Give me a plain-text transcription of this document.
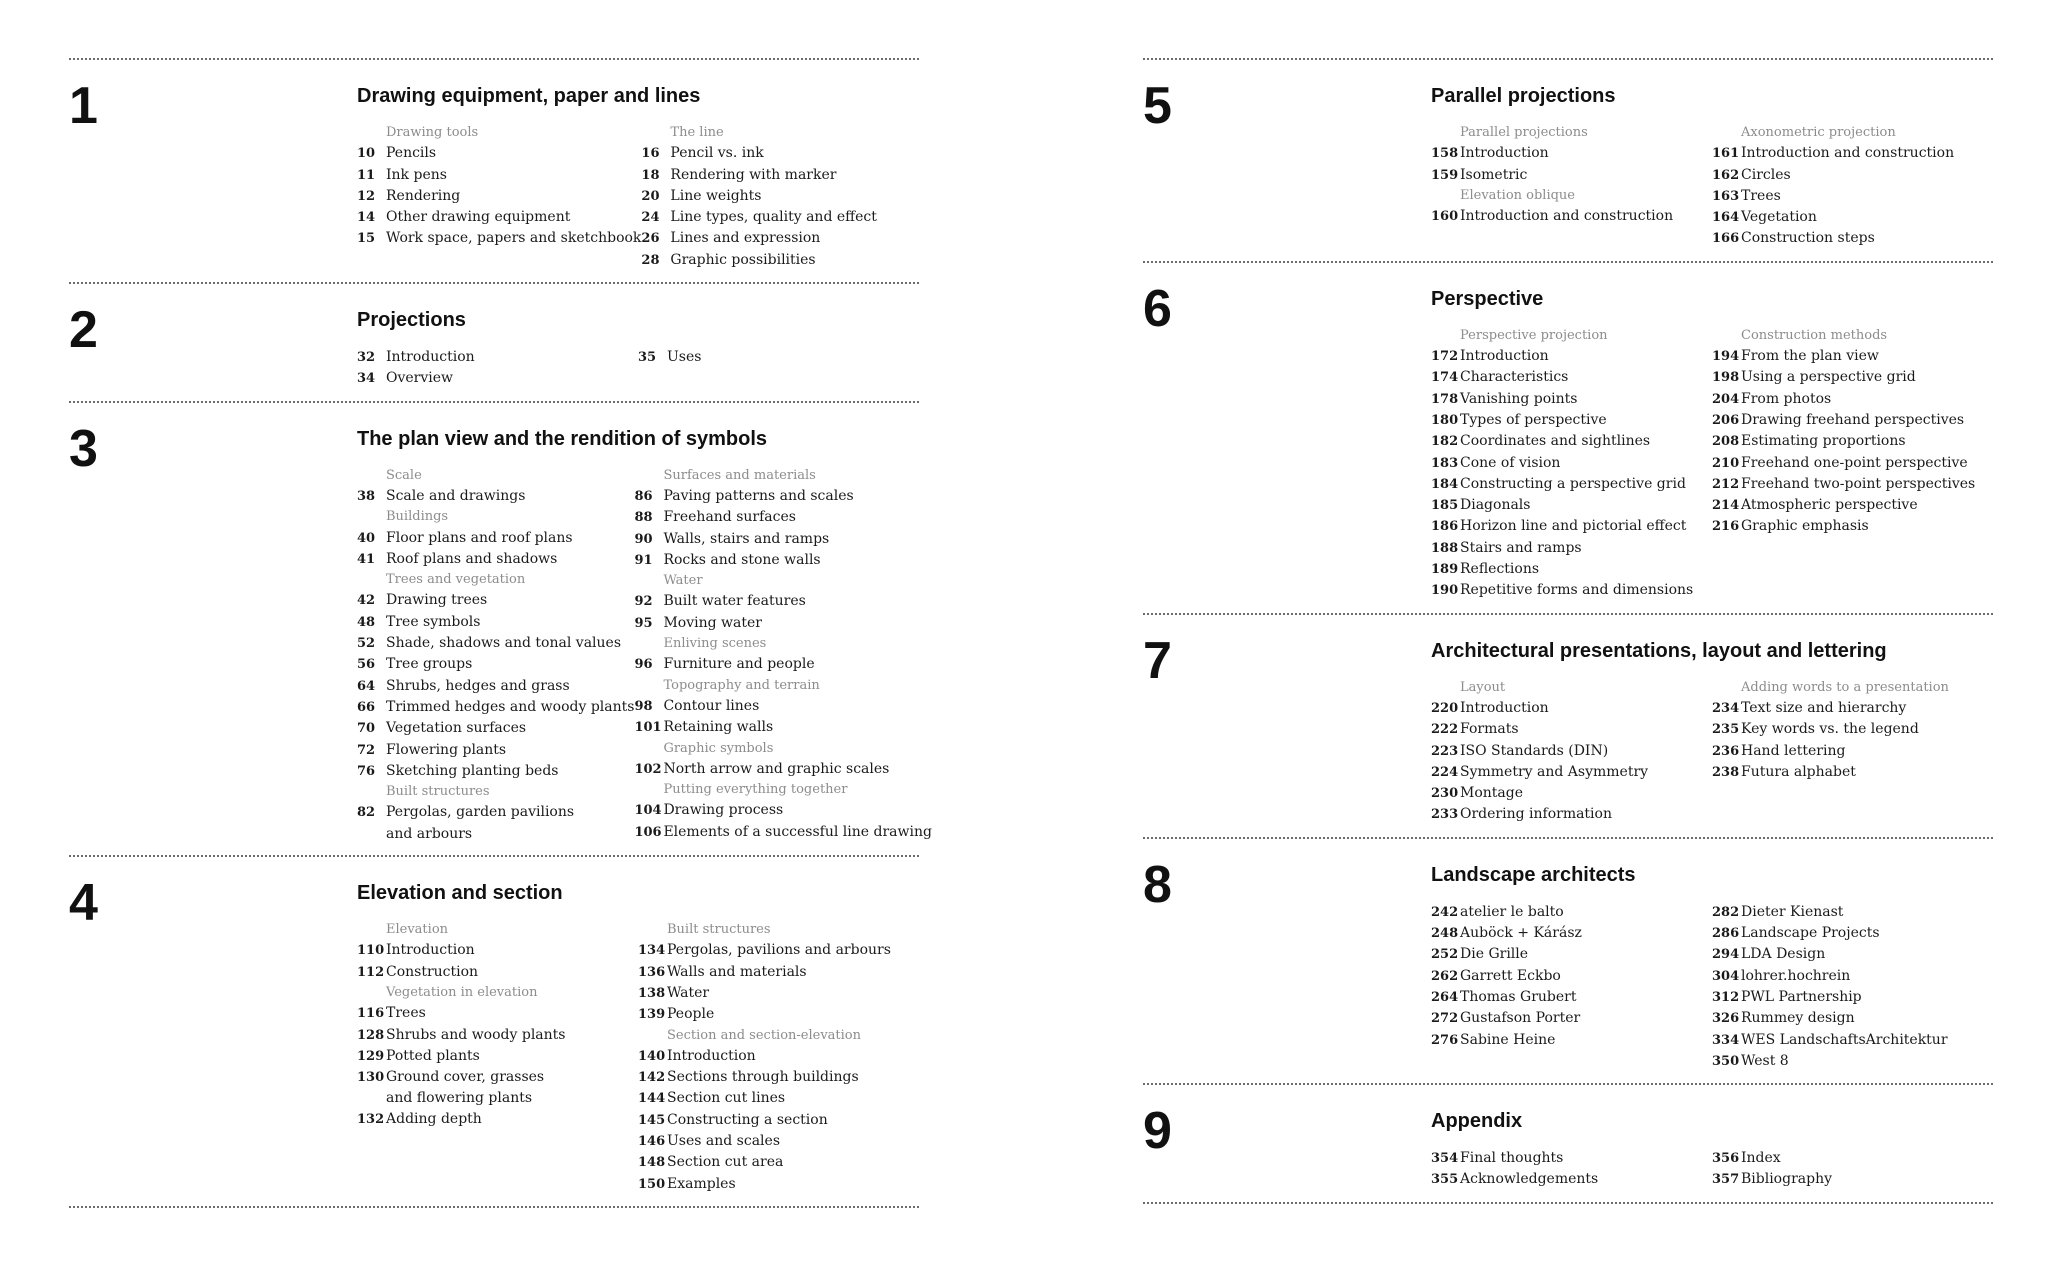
1	Drawing equipment, paper and lines
Drawing tools
10 Pencils
11 Ink pens
12 Rendering
14 Other drawing equipment
15 Work space, papers and sketchbook
The line
16 Pencil vs. ink
18 Rendering with marker
20 Line weights
24 Line types, quality and effect
26 Lines and expression
28 Graphic possibilities
2	Projections
32 Introduction
34 Overview
35 Uses
3	The plan view and the rendition of symbols
Scale
38 Scale and drawings
Buildings
40 Floor plans and roof plans
41 Roof plans and shadows
Trees and vegetation
42 Drawing trees
48 Tree symbols
52 Shade, shadows and tonal values
56 Tree groups
64 Shrubs, hedges and grass
66 Trimmed hedges and woody plants
70 Vegetation surfaces
72 Flowering plants
76 Sketching planting beds
Built structures
82 Pergolas, garden pavilions
and arbours
Surfaces and materials
86 Paving patterns and scales
88 Freehand surfaces
90 Walls, stairs and ramps
91 Rocks and stone walls
Water
92 Built water features
95 Moving water
Enliving scenes
96 Furniture and people
Topography and terrain
98 Contour lines
101 Retaining walls
Graphic symbols
102 North arrow and graphic scales
Putting everything together
104 Drawing process
106 Elements of a successful line drawing
4	Elevation and section
Elevation
110 Introduction
112 Construction
Vegetation in elevation
116 Trees
128 Shrubs and woody plants
129 Potted plants
130 Ground cover, grasses
and flowering plants
132 Adding depth
Built structures
134 Pergolas, pavilions and arbours
136 Walls and materials
138 Water
139 People
Section and section-elevation
140 Introduction
142 Sections through buildings
144 Section cut lines
145 Constructing a section
146 Uses and scales
148 Section cut area
150 Examples
5	Parallel projections
Parallel projections
158 Introduction
159 Isometric
Elevation oblique
160 Introduction and construction
Axonometric projection
161 Introduction and construction
162 Circles
163 Trees
164 Vegetation
166 Construction steps
6	Perspective
Perspective projection
172 Introduction
174 Characteristics
178 Vanishing points
180 Types of perspective
182 Coordinates and sightlines
183 Cone of vision
184 Constructing a perspective grid
185 Diagonals
186 Horizon line and pictorial effect
188 Stairs and ramps
189 Reflections
190 Repetitive forms and dimensions
Construction methods
194 From the plan view
198 Using a perspective grid
204 From photos
206 Drawing freehand perspectives
208 Estimating proportions
210 Freehand one-point perspective
212 Freehand two-point perspectives
214 Atmospheric perspective
216 Graphic emphasis
7	Architectural presentations, layout and lettering
Layout
220 Introduction
222 Formats
223 ISO Standards (DIN)
224 Symmetry and Asymmetry
230 Montage
233 Ordering information
Adding words to a presentation
234 Text size and hierarchy
235 Key words vs. the legend
236 Hand lettering
238 Futura alphabet
8	Landscape architects
242 atelier le balto
248 Auböck + Kárász
252 Die Grille
262 Garrett Eckbo
264 Thomas Grubert
272 Gustafson Porter
276 Sabine Heine
282 Dieter Kienast
286 Landscape Projects
294 LDA Design
304 lohrer.hochrein
312 PWL Partnership
326 Rummey design
334 WES LandschaftsArchitektur
350 West 8
9	Appendix
354 Final thoughts
355 Acknowledgements
356 Index
357 Bibliography
